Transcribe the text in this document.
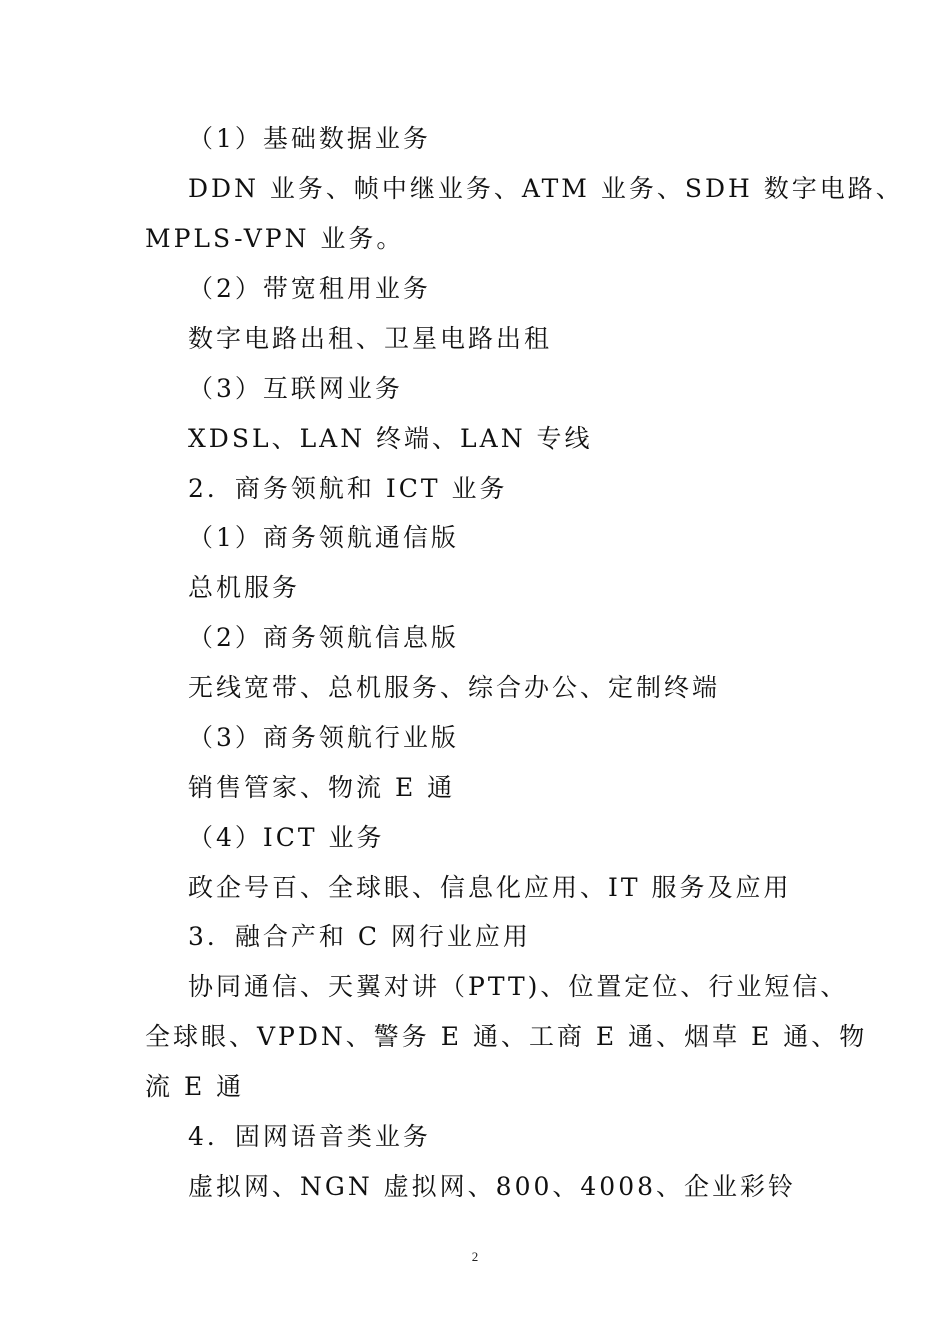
（1）基础数据业务
DDN 业务、帧中继业务、ATM 业务、SDH 数字电路、
MPLS-VPN 业务。
（2）带宽租用业务
数字电路出租、卫星电路出租
（3）互联网业务
XDSL、LAN 终端、LAN 专线
2．商务领航和 ICT 业务
（1）商务领航通信版
总机服务
（2）商务领航信息版
无线宽带、总机服务、综合办公、定制终端
（3）商务领航行业版
销售管家、物流 E 通
（4）ICT 业务
政企号百、全球眼、信息化应用、IT 服务及应用
3．融合产和 C 网行业应用
协同通信、天翼对讲（PTT)、位置定位、行业短信、
全球眼、VPDN、警务 E 通、工商 E 通、烟草 E 通、物
流 E 通
4．固网语音类业务
虚拟网、NGN 虚拟网、800、4008、企业彩铃
2
